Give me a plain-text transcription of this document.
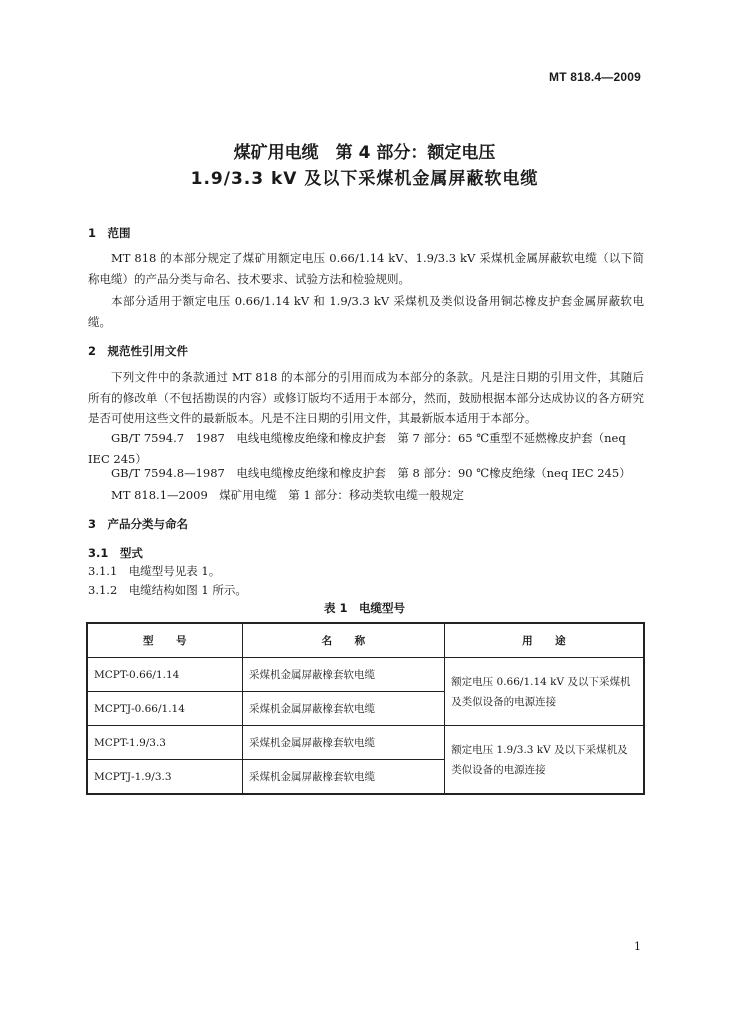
MT 818.4—2009
煤矿用电缆　第 4 部分：额定电压
1.9/3.3 kV 及以下采煤机金属屏蔽软电缆
1　范围
MT 818 的本部分规定了煤矿用额定电压 0.66/1.14 kV、1.9/3.3 kV 采煤机金属屏蔽软电缆（以下简称电缆）的产品分类与命名、技术要求、试验方法和检验规则。
本部分适用于额定电压 0.66/1.14 kV 和 1.9/3.3 kV 采煤机及类似设备用铜芯橡皮护套金属屏蔽软电缆。
2　规范性引用文件
下列文件中的条款通过 MT 818 的本部分的引用而成为本部分的条款。凡是注日期的引用文件，其随后所有的修改单（不包括勘误的内容）或修订版均不适用于本部分，然而，鼓励根据本部分达成协议的各方研究是否可使用这些文件的最新版本。凡是不注日期的引用文件，其最新版本适用于本部分。
GB/T 7594.7　1987　电线电缆橡皮绝缘和橡皮护套　第 7 部分：65 ℃重型不延燃橡皮护套（neq
IEC 245）
GB/T 7594.8—1987　电线电缆橡皮绝缘和橡皮护套　第 8 部分：90 ℃橡皮绝缘（neq IEC 245）
MT 818.1—2009　煤矿用电缆　第 1 部分：移动类软电缆一般规定
3　产品分类与命名
3.1　型式
3.1.1　电缆型号见表 1。
3.1.2　电缆结构如图 1 所示。
表 1　电缆型号
型　　号	名　　称	用　　途
MCPT-0.66/1.14	采煤机金属屏蔽橡套软电缆	额定电压 0.66/1.14 kV 及以下采煤机及类似设备的电源连接
MCPTJ-0.66/1.14	采煤机金属屏蔽橡套软电缆	
MCPT-1.9/3.3	采煤机金属屏蔽橡套软电缆	额定电压 1.9/3.3 kV 及以下采煤机及类似设备的电源连接
MCPTJ-1.9/3.3	采煤机金属屏蔽橡套软电缆	
1
